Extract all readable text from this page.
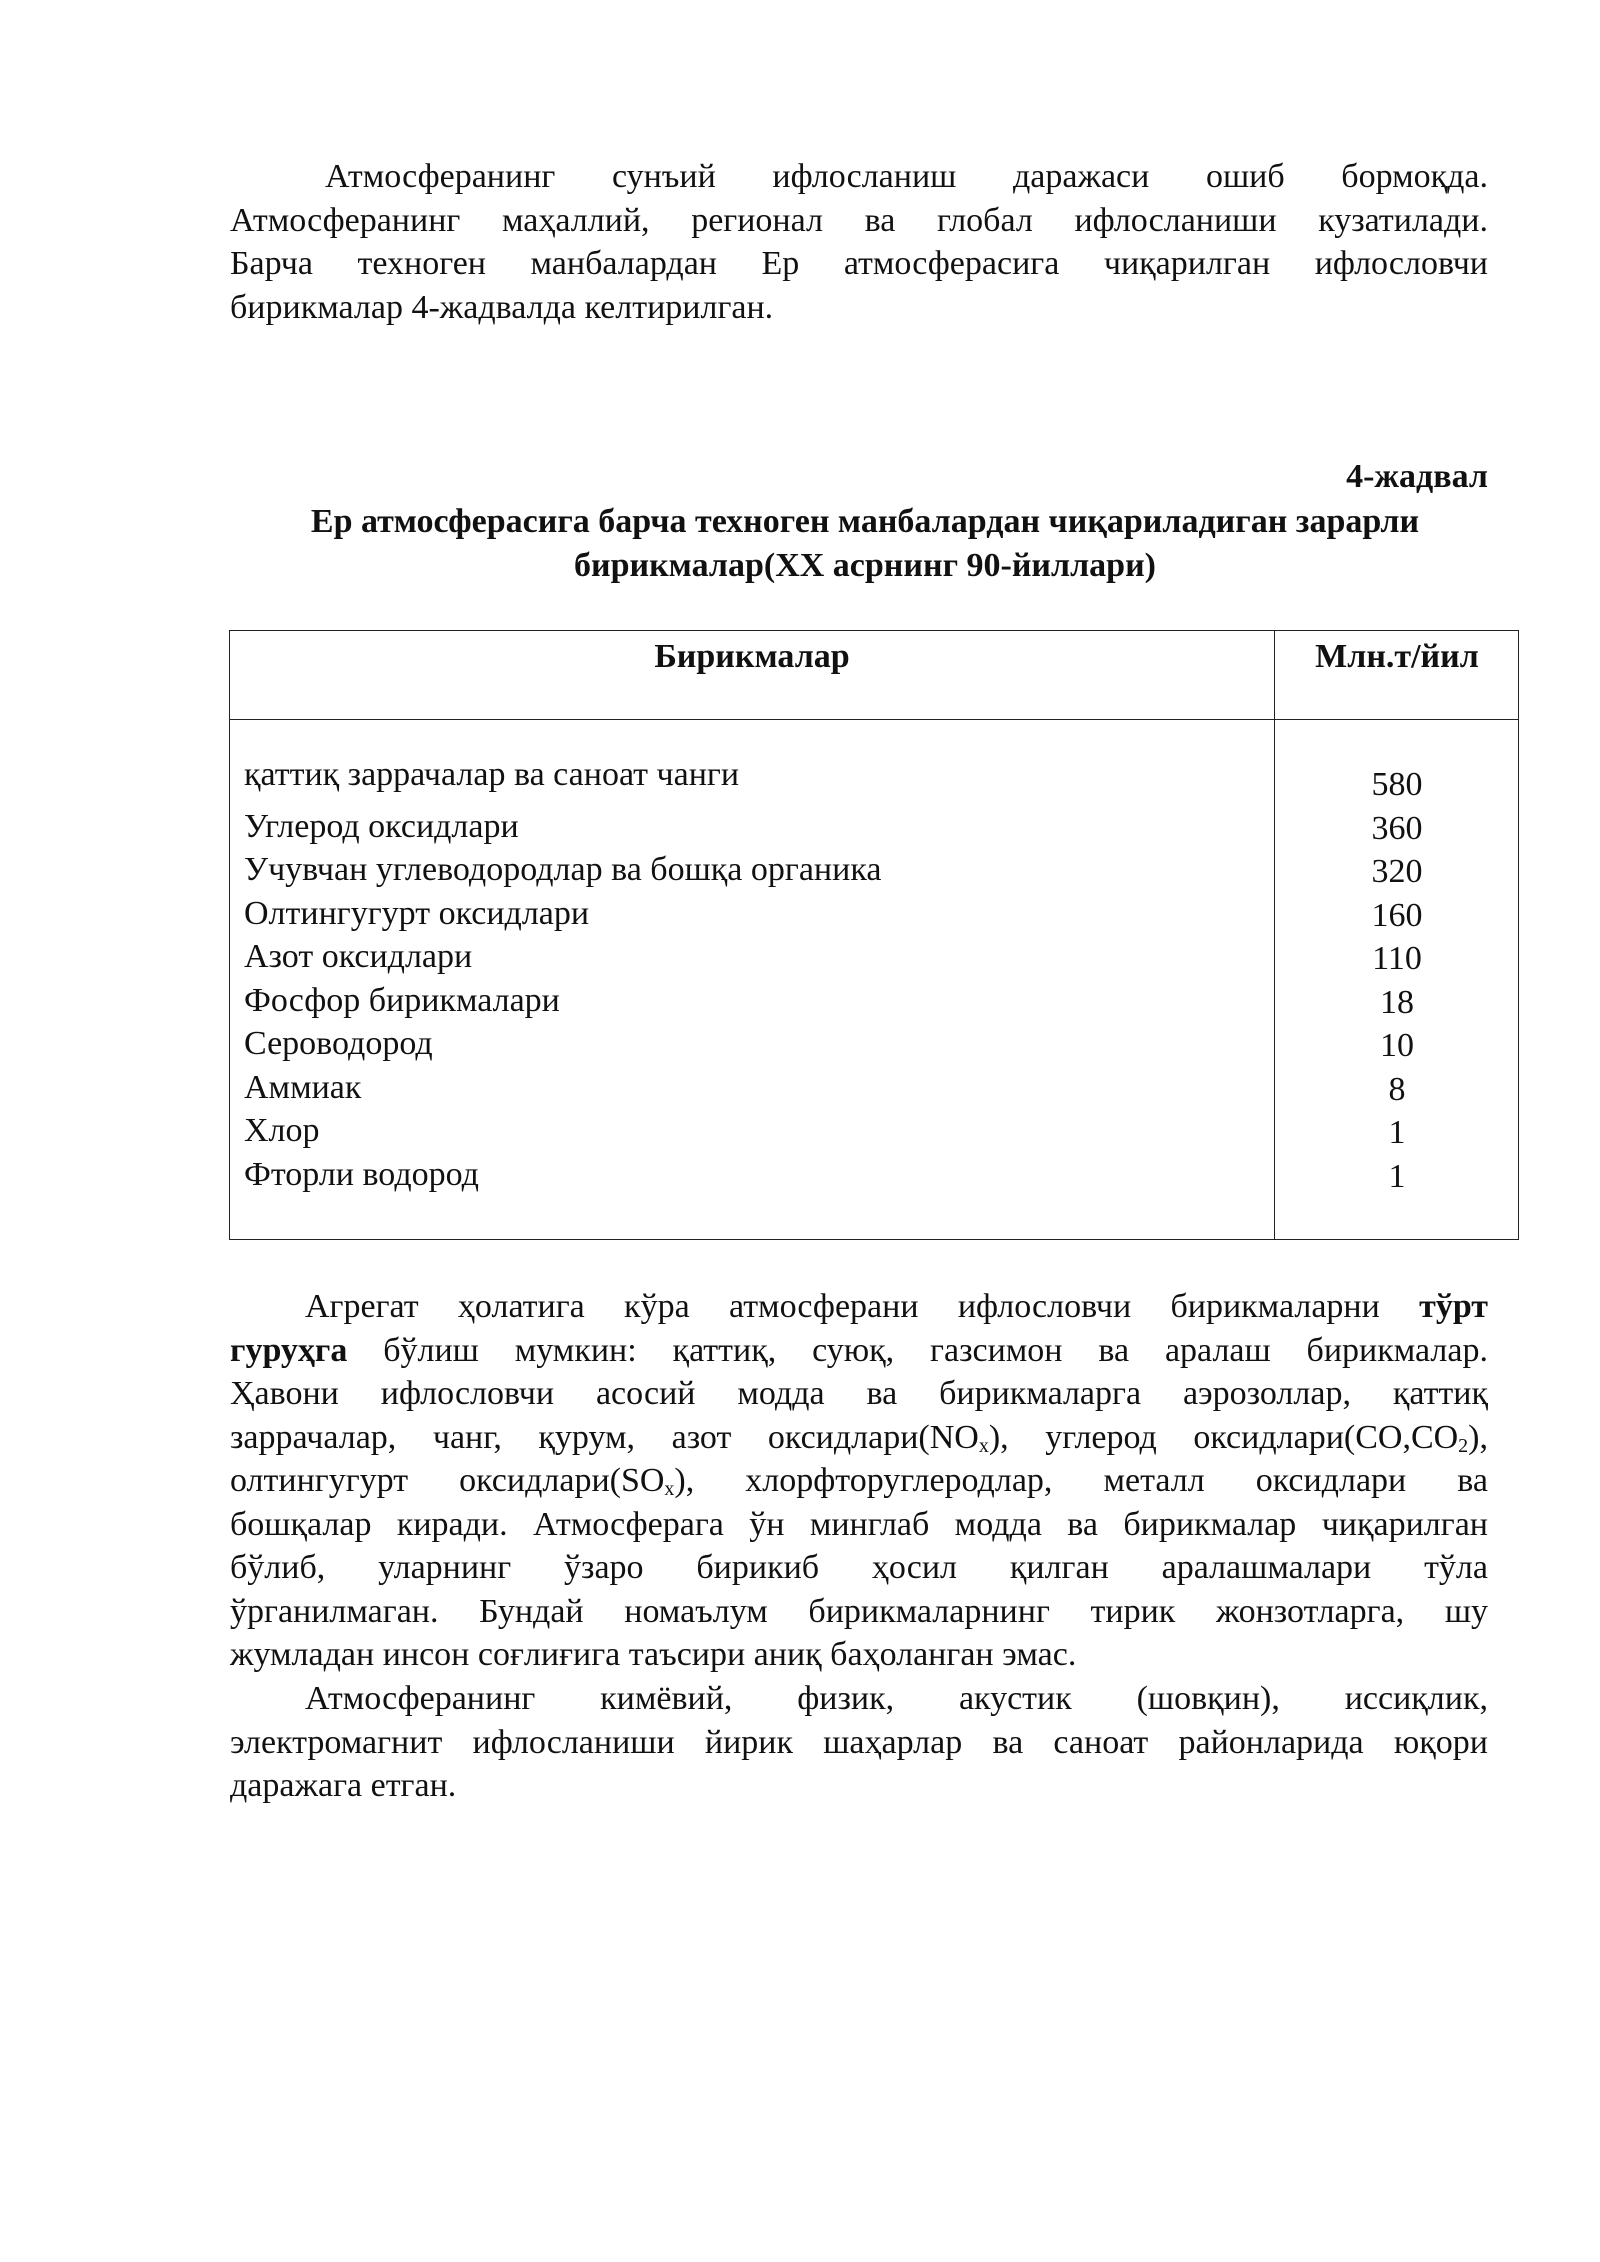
Атмосферанинг сунъий ифлосланиш даражаси ошиб бормоқда.
Атмосферанинг маҳаллий, регионал ва глобал ифлосланиши кузатилади.
Барча техноген манбалардан Ер атмосферасига чиқарилган ифлословчи
бирикмалар 4-жадвалда келтирилган.
4-жадвал
Ер атмосферасига барча техноген манбалардан чиқариладиган зарарли
бирикмалар(XX асрнинг 90-йиллари)
Бирикмалар	Млн.т/йил
қаттиқ заррачалар ва саноат чанги
Углерод оксидлари
Учувчан углеводородлар ва бошқа органика
Олтингугурт оксидлари
Азот оксидлари
Фосфор бирикмалари
Сероводород
Аммиак
Хлор
Фторли водород
580
360
320
160
110
18
10
8
1
1
Агрегат ҳолатига кўра атмосферани ифлословчи бирикмаларни тўрт
гуруҳга бўлиш мумкин: қаттиқ, суюқ, газсимон ва аралаш бирикмалар.
Ҳавони ифлословчи асосий модда ва бирикмаларга аэрозоллар, қаттиқ
заррачалар, чанг, қурум, азот $оксидлари(NO_x)$, углерод $оксидлари(CO,CO_2)$,
олтингугурт $оксидлари(SO_x)$, хлорфторуглеродлар, металл оксидлари ва
бошқалар киради. Атмосферага ўн минглаб модда ва бирикмалар чиқарилган
бўлиб, уларнинг ўзаро бирикиб ҳосил қилган аралашмалари тўла
ўрганилмаган. Бундай номаълум бирикмаларнинг тирик жонзотларга, шу
жумладан инсон соғлиғига таъсири аниқ баҳоланган эмас.
Атмосферанинг кимёвий, физик, акустик (шовқин), иссиқлик,
электромагнит ифлосланиши йирик шаҳарлар ва саноат районларида юқори
даражага етган.
